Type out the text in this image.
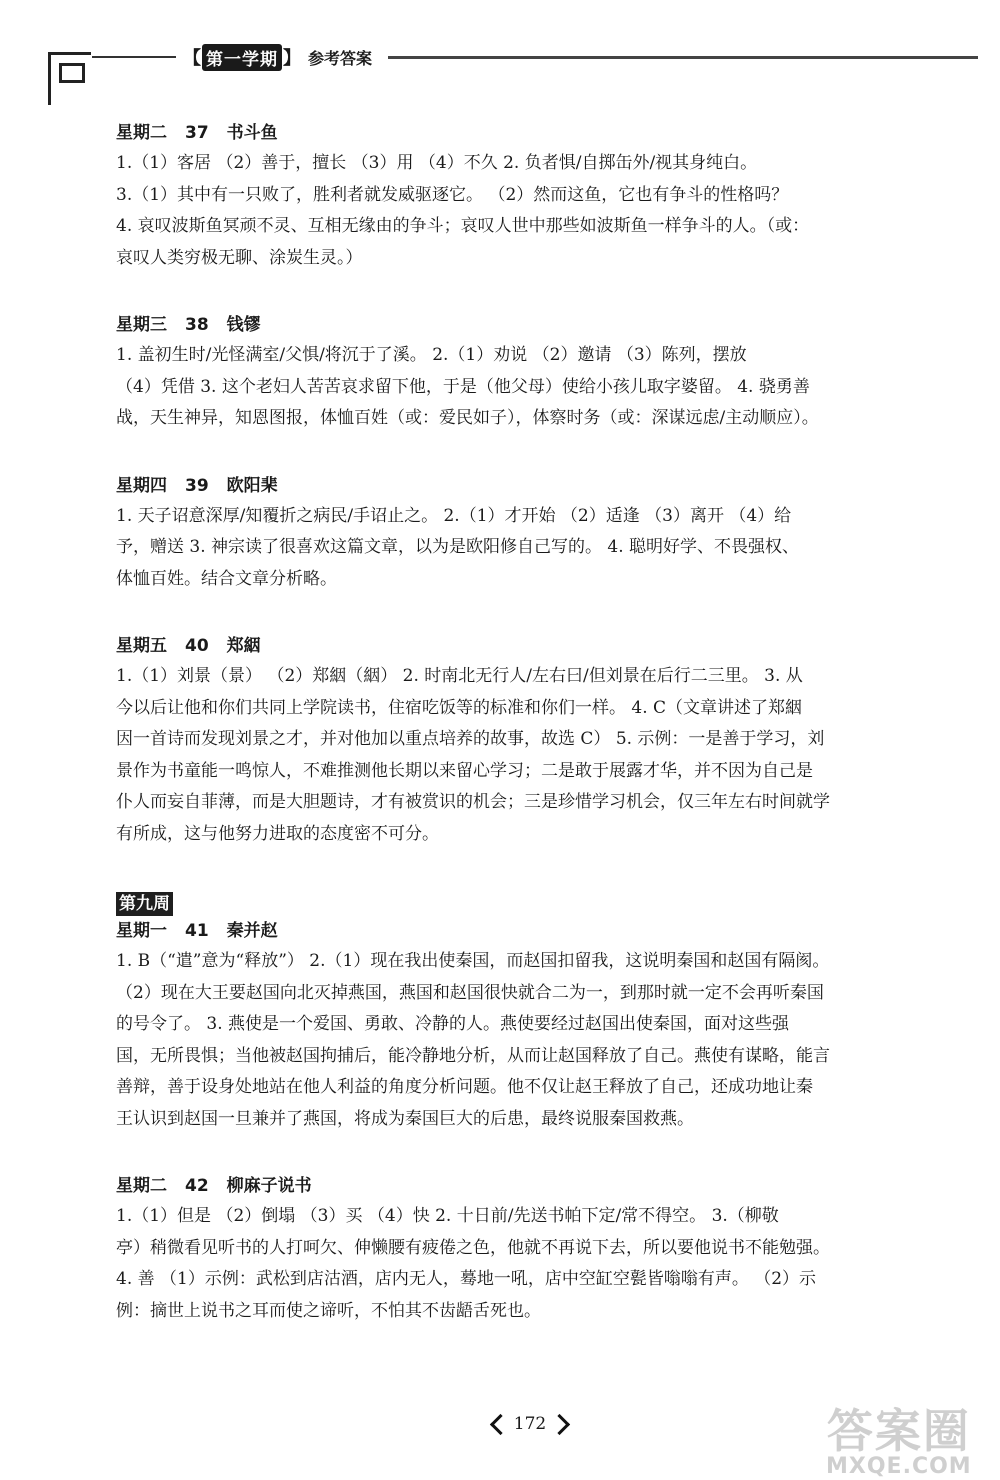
【 第一学期 】 参考答案
星期二 37 书斗鱼
1.（1）客居 （2）善于，擅长 （3）用 （4）不久 2. 负者惧/自掷缶外/视其身纯白。
3.（1）其中有一只败了，胜利者就发威驱逐它。 （2）然而这鱼，它也有争斗的性格吗？
4. 哀叹波斯鱼冥顽不灵、互相无缘由的争斗；哀叹人世中那些如波斯鱼一样争斗的人。（或：
哀叹人类穷极无聊、涂炭生灵。）
星期三 38 钱镠
1. 盖初生时/光怪满室/父惧/将沉于了溪。 2.（1）劝说 （2）邀请 （3）陈列，摆放
（4）凭借 3. 这个老妇人苦苦哀求留下他，于是（他父母）使给小孩儿取字婆留。 4. 骁勇善
战，天生神异，知恩图报，体恤百姓（或：爱民如子），体察时务（或：深谋远虑/主动顺应）。
星期四 39 欧阳棐
1. 天子诏意深厚/知覆折之病民/手诏止之。 2.（1）才开始 （2）适逢 （3）离开 （4）给
予，赠送 3. 神宗读了很喜欢这篇文章，以为是欧阳修自己写的。 4. 聪明好学、不畏强权、
体恤百姓。结合文章分析略。
星期五 40 郑絪
1.（1）刘景（景） （2）郑絪（絪） 2. 时南北无行人/左右曰/但刘景在后行二三里。 3. 从
今以后让他和你们共同上学院读书，住宿吃饭等的标准和你们一样。 4. C（文章讲述了郑絪
因一首诗而发现刘景之才，并对他加以重点培养的故事，故选 C） 5. 示例：一是善于学习，刘
景作为书童能一鸣惊人，不难推测他长期以来留心学习；二是敢于展露才华，并不因为自己是
仆人而妄自菲薄，而是大胆题诗，才有被赏识的机会；三是珍惜学习机会，仅三年左右时间就学
有所成，这与他努力进取的态度密不可分。
第九周
星期一 41 秦并赵
1. B（“遣”意为“释放”） 2.（1）现在我出使秦国，而赵国扣留我，这说明秦国和赵国有隔阂。
（2）现在大王要赵国向北灭掉燕国，燕国和赵国很快就合二为一，到那时就一定不会再听秦国
的号令了。 3. 燕使是一个爱国、勇敢、冷静的人。燕使要经过赵国出使秦国，面对这些强
国，无所畏惧；当他被赵国拘捕后，能冷静地分析，从而让赵国释放了自己。燕使有谋略，能言
善辩，善于设身处地站在他人利益的角度分析问题。他不仅让赵王释放了自己，还成功地让秦
王认识到赵国一旦兼并了燕国，将成为秦国巨大的后患，最终说服秦国救燕。
星期二 42 柳麻子说书
1.（1）但是 （2）倒塌 （3）买 （4）快 2. 十日前/先送书帕下定/常不得空。 3.（柳敬
亭）稍微看见听书的人打呵欠、伸懒腰有疲倦之色，他就不再说下去，所以要他说书不能勉强。
4. 善 （1）示例：武松到店沽酒，店内无人，蓦地一吼，店中空缸空甏皆嗡嗡有声。 （2）示
例：摘世上说书之耳而使之谛听，不怕其不齿龉舌死也。
172	答案圈
MXQE.COM
